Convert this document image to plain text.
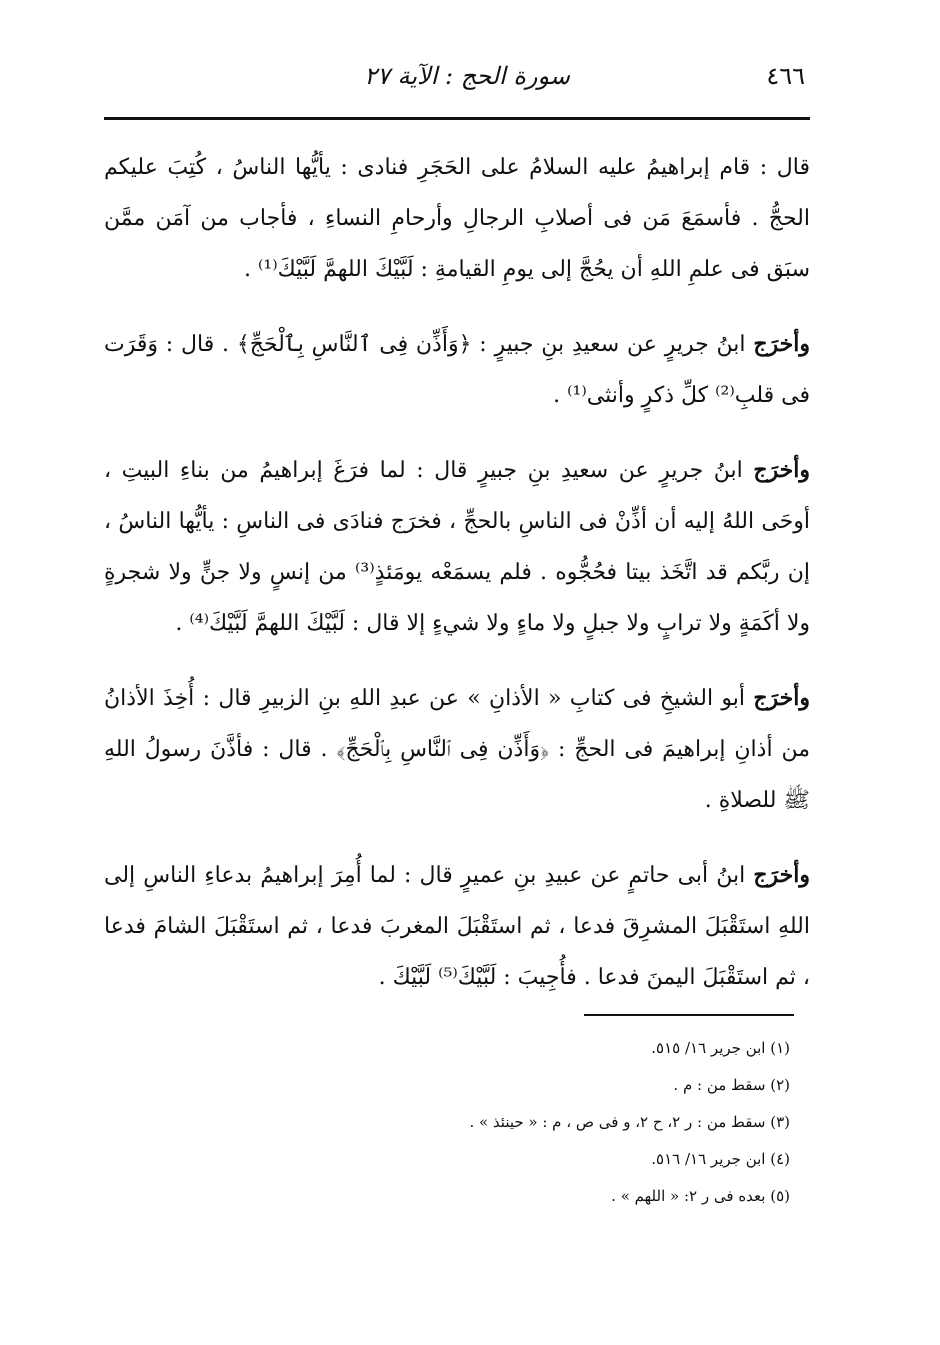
٤٦٦
سورة الحج : الآية ٢٧

قال : قام إبراهيمُ عليه السلامُ على الحَجَرِ فنادى : يأيُّها الناسُ ، كُتِبَ عليكم الحجُّ . فأسمَعَ مَن فى أصلابِ الرجالِ وأرحامِ النساءِ ، فأجاب من آمَن ممَّن سبَق فى علمِ اللهِ أن يحُجَّ إلى يومِ القيامةِ : لَبَّيْكَ اللهمَّ لَبَّيْكَ⁽¹⁾ .

وأخرَج ابنُ جريرٍ عن سعيدِ بنِ جبيرٍ : ﴿وَأَذِّن فِى ٱلنَّاسِ بِٱلْحَجِّ﴾ . قال : وَقَرَت فى قلبِ⁽²⁾ كلِّ ذكرٍ وأنثى⁽¹⁾ .

وأخرَج ابنُ جريرٍ عن سعيدِ بنِ جبيرٍ قال : لما فرَغَ إبراهيمُ من بناءِ البيتِ ، أوحَى اللهُ إليه أن أذِّنْ فى الناسِ بالحجِّ ، فخرَج فنادَى فى الناسِ : يأيُّها الناسُ ، إن ربَّكم قد اتَّخَذ بيتا فحُجُّوه . فلم يسمَعْه يومَئذٍ⁽³⁾ من إنسٍ ولا جنٍّ ولا شجرةٍ ولا أكَمَةٍ ولا ترابٍ ولا جبلٍ ولا ماءٍ ولا شيءٍ إلا قال : لَبَّيْكَ اللهمَّ لَبَّيْكَ⁽⁴⁾ .

وأخرَج أبو الشيخِ فى كتابِ « الأذانِ » عن عبدِ اللهِ بنِ الزبيرِ قال : أُخِذَ الأذانُ من أذانِ إبراهيمَ فى الحجِّ : ﴿وَأَذِّن فِى ٱلنَّاسِ بِٱلْحَجِّ﴾ . قال : فأذَّنَ رسولُ اللهِ ﷺ للصلاةِ .

وأخرَج ابنُ أبى حاتمٍ عن عبيدِ بنِ عميرٍ قال : لما أُمِرَ إبراهيمُ بدعاءِ الناسِ إلى اللهِ استَقْبَلَ المشرِقَ فدعا ، ثم استَقْبَلَ المغربَ فدعا ، ثم استَقْبَلَ الشامَ فدعا ، ثم استَقْبَلَ اليمنَ فدعا . فأُجِيبَ : لَبَّيْكَ⁽⁵⁾ لَبَّيْكَ .

(١) ابن جرير ١٦/ ٥١٥.

(٢) سقط من : م .

(٣) سقط من : ر ٢، ح ٢، و فى ص ، م : « حينئذ » .

(٤) ابن جرير ١٦/ ٥١٦.

(٥) بعده فى ر ٢: « اللهم » .
